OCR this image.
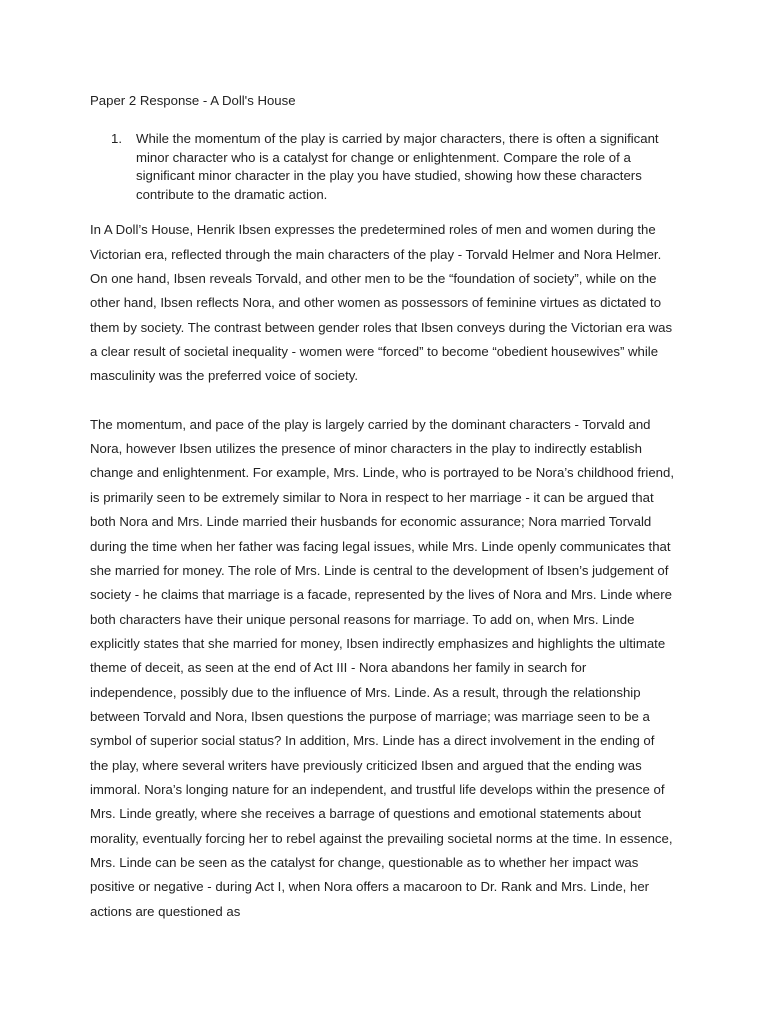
Paper 2 Response - A Doll's House

1.	While the momentum of the play is carried by major characters, there is often a significant minor character who is a catalyst for change or enlightenment. Compare the role of a significant minor character in the play you have studied, showing how these characters contribute to the dramatic action.

In A Doll’s House, Henrik Ibsen expresses the predetermined roles of men and women during the Victorian era, reflected through the main characters of the play - Torvald Helmer and Nora Helmer. On one hand, Ibsen reveals Torvald, and other men to be the “foundation of society”, while on the other hand, Ibsen reflects Nora, and other women as possessors of feminine virtues as dictated to them by society. The contrast between gender roles that Ibsen conveys during the Victorian era was a clear result of societal inequality - women were “forced” to become “obedient housewives” while masculinity was the preferred voice of society.

The momentum, and pace of the play is largely carried by the dominant characters - Torvald and Nora, however Ibsen utilizes the presence of minor characters in the play to indirectly establish change and enlightenment. For example, Mrs. Linde, who is portrayed to be Nora’s childhood friend, is primarily seen to be extremely similar to Nora in respect to her marriage - it can be argued that both Nora and Mrs. Linde married their husbands for economic assurance; Nora married Torvald during the time when her father was facing legal issues, while Mrs. Linde openly communicates that she married for money. The role of Mrs. Linde is central to the development of Ibsen’s judgement of society - he claims that marriage is a facade, represented by the lives of Nora and Mrs. Linde where both characters have their unique personal reasons for marriage. To add on, when Mrs. Linde explicitly states that she married for money, Ibsen indirectly emphasizes and highlights the ultimate theme of deceit, as seen at the end of Act III - Nora abandons her family in search for independence, possibly due to the influence of Mrs. Linde. As a result, through the relationship between Torvald and Nora, Ibsen questions the purpose of marriage; was marriage seen to be a symbol of superior social status? In addition, Mrs. Linde has a direct involvement in the ending of the play, where several writers have previously criticized Ibsen and argued that the ending was immoral. Nora’s longing nature for an independent, and trustful life develops within the presence of Mrs. Linde greatly, where she receives a barrage of questions and emotional statements about morality, eventually forcing her to rebel against the prevailing societal norms at the time. In essence, Mrs. Linde can be seen as the catalyst for change, questionable as to whether her impact was positive or negative - during Act I, when Nora offers a macaroon to Dr. Rank and Mrs. Linde, her actions are questioned as
